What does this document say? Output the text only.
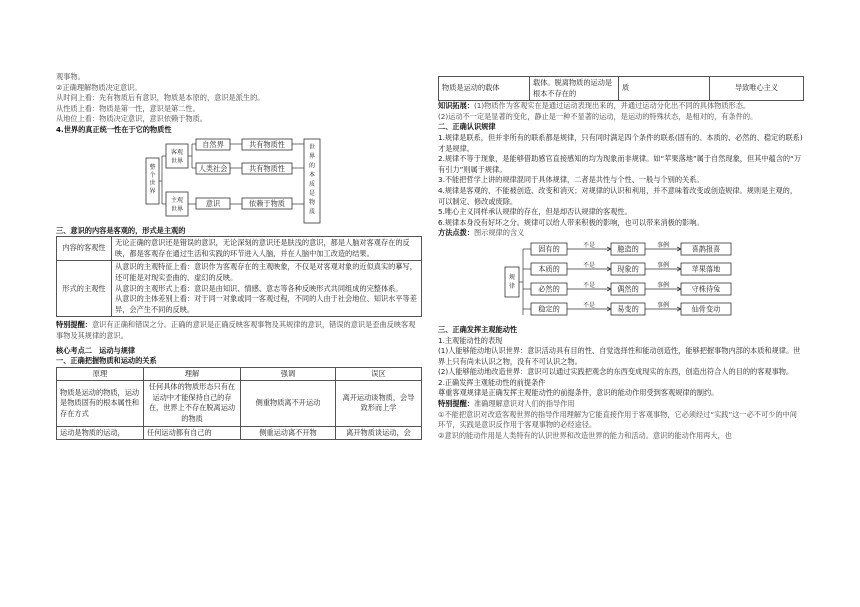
观事物。

②正确理解物质决定意识。

从时间上看：先有物质后有意识，物质是本原的，意识是派生的。

从性质上看：物质是第一性，意识是第二性。

从地位上看：物质决定意识，意识依赖于物质。

4.世界的真正统一性在于它的物质性

整个世界
客观世界
主观世界
自然界
人类社会
意识
共有物质性
共有物质性
依赖于物质
世界的本质是物质

三、意识的内容是客观的，形式是主观的

内容的客观性	无论正确的意识还是错误的意识，无论深刻的意识还是肤浅的意识，都是人脑对客观存在的反映，都是客观存在通过生活和实践的环节进入人脑，并在人脑中加工改造的结果。
形式的主观性	从意识的主观特征上看：意识作为客观存在的主观映象，不仅是对客观对象的近似真实的摹写，还可能是对现实歪曲的、虚幻的反映。

从意识的主观形式上看：意识是由知识、情感、意志等各种反映形式共同组成的完整体系。

从意识的主体差别上看：对于同一对象或同一客观过程，不同的人由于社会地位、知识水平等差异，会产生不同的反映。

特别提醒：意识有正确和错误之分。正确的意识是正确反映客观事物及其规律的意识，错误的意识是歪曲反映客观事物及其规律的意识。

核心考点二　运动与规律

一、正确把握物质和运动的关系

原理	理解	强调	误区
物质是运动的物质，运动是物质固有的根本属性和存在方式	任何具体的物质形态只有在运动中才能保持自己的存在，世界上不存在脱离运动的物质	侧重物质离不开运动	离开运动谈物质，会导致形而上学
运动是物质的运动，	任何运动都有自己的	侧重运动离不开物	离开物质谈运动，会
物质是运动的载体	载体。脱离物质的运动是根本不存在的	质	导致唯心主义

知识拓展：(1)物质作为客观实在是通过运动表现出来的，并通过运动分化出不同的具体物质形态。

(2)运动不一定是显著的变化，静止是一种不显著的运动，是运动的特殊状态，是相对的，有条件的。

二、正确认识规律

1.规律是联系，但并非所有的联系都是规律，只有同时满足四个条件的联系(固有的、本质的、必然的、稳定的联系)才是规律。

2.规律不等于现象，是能够借助感官直接感知的均为现象而非规律。如“苹果落地”属于自然现象，但其中蕴含的“万有引力”则属于规律。

3.不能把哲学上讲的规律混同于具体规律，二者是共性与个性、一般与个别的关系。

4.规律是客观的，不能被创造、改变和消灭；对规律的认识和利用，并不意味着改变或创造规律。规则是主观的，可以制定、修改或废除。

5.唯心主义同样承认规律的存在，但是却否认规律的客观性。

6.规律本身没有好坏之分。规律可以给人带来积极的影响，也可以带来消极的影响。

方法点拨：图示规律的含义

规律
固有的	不是	臆造的	事例	喜鹊报喜
本质的	不是	现象的	事例	苹果落地
必然的	不是	偶然的	事例	守株待兔
稳定的	不是	易变的	事例	仙骨变动

三、正确发挥主观能动性

1.主观能动性的表现

(1)人能够能动地认识世界：意识活动具有目的性、自觉选择性和能动创造性，能够把握事物内部的本质和规律。世界上只有尚未认识之物，没有不可认识之物。

(2)人能够能动地改造世界：意识可以通过实践把观念的东西变成现实的东西，创造出符合人的目的的客观事物。

2.正确发挥主观能动性的前提条件

尊重客观规律是正确发挥主观能动性的前提条件，意识的能动作用受到客观规律的制约。

特别提醒：准确理解意识对人们的指导作用

①不能把意识对改造客观世界的指导作用理解为它能直接作用于客观事物，它必须经过“实践”这一必不可少的中间环节，实践是意识反作用于客观事物的必经途径。

②意识的能动作用是人类特有的认识世界和改造世界的能力和活动。意识的能动作用再大，也
